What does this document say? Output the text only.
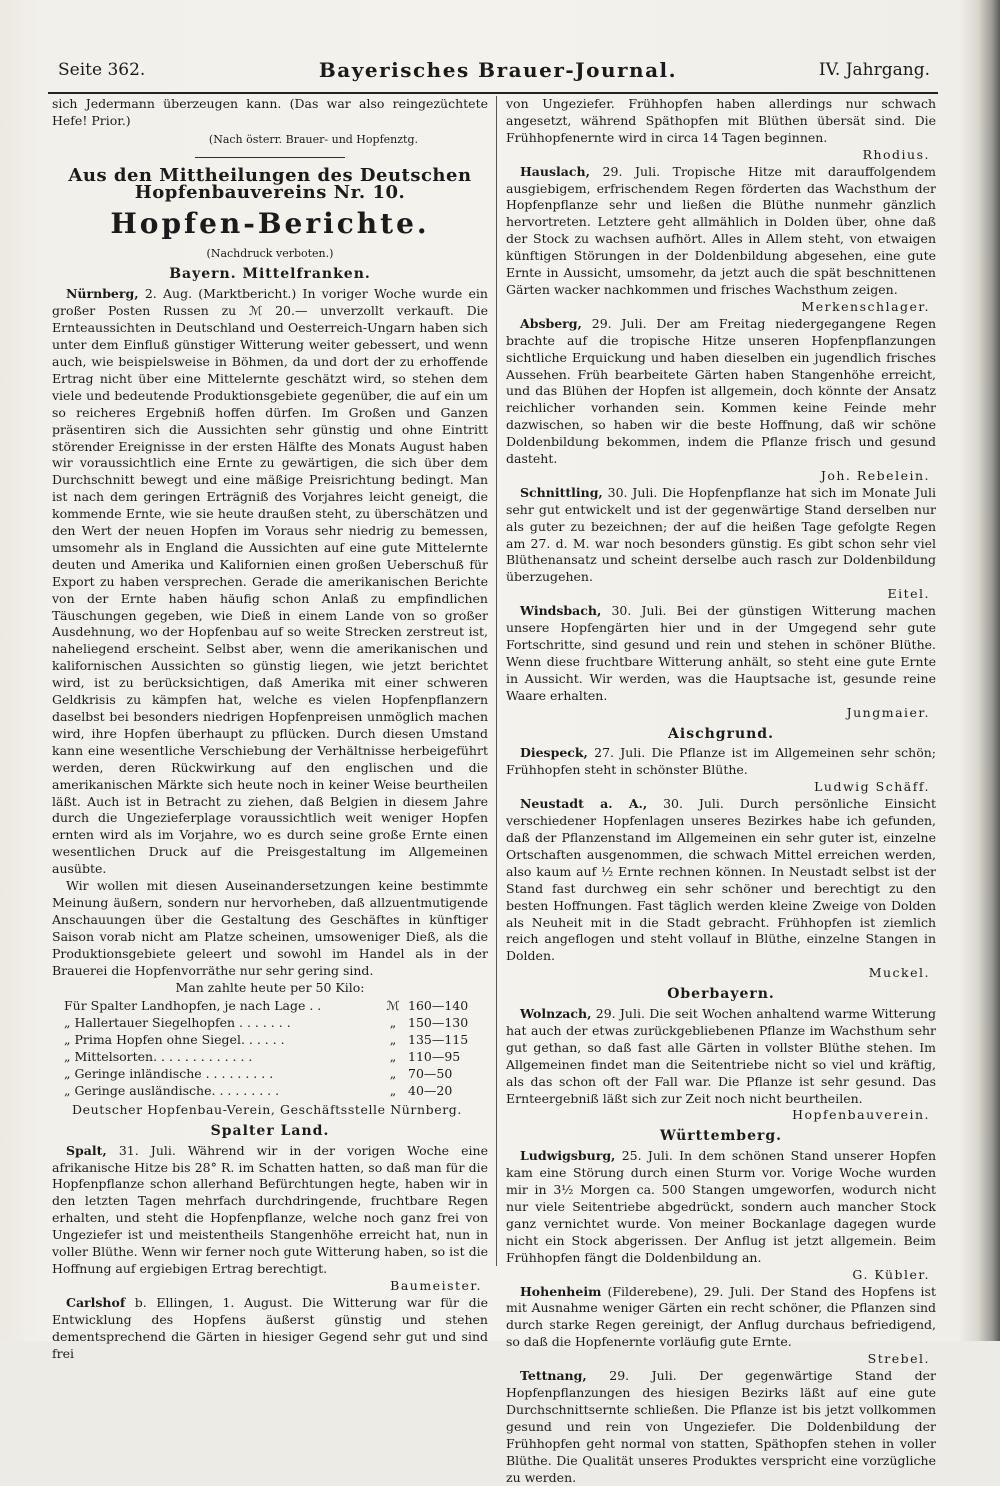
Seite 362.	Bayerisches Brauer-Journal.	IV. Jahrgang.

sich Jedermann überzeugen kann. (Das war also reingezüchtete Hefe! Prior.)

(Nach österr. Brauer- und Hopfenztg.
Aus den Mittheilungen des Deutschen Hopfenbauvereins Nr. 10.
Hopfen-Berichte.
(Nachdruck verboten.)
Bayern. Mittelfranken.

Nürnberg, 2. Aug. (Marktbericht.) In voriger Woche wurde ein großer Posten Russen zu ℳ 20.— unverzollt verkauft. Die Ernteaussichten in Deutschland und Oesterreich-Ungarn haben sich unter dem Einfluß günstiger Witterung weiter gebessert, und wenn auch, wie beispielsweise in Böhmen, da und dort der zu erhoffende Ertrag nicht über eine Mittelernte geschätzt wird, so stehen dem viele und bedeutende Produktionsgebiete gegenüber, die auf ein um so reicheres Ergebniß hoffen dürfen. Im Großen und Ganzen präsentiren sich die Aussichten sehr günstig und ohne Eintritt störender Ereignisse in der ersten Hälfte des Monats August haben wir voraussichtlich eine Ernte zu gewärtigen, die sich über dem Durchschnitt bewegt und eine mäßige Preisrichtung bedingt. Man ist nach dem geringen Erträgniß des Vorjahres leicht geneigt, die kommende Ernte, wie sie heute draußen steht, zu überschätzen und den Wert der neuen Hopfen im Voraus sehr niedrig zu bemessen, umsomehr als in England die Aussichten auf eine gute Mittelernte deuten und Amerika und Kalifornien einen großen Ueberschuß für Export zu haben versprechen. Gerade die amerikanischen Berichte von der Ernte haben häufig schon Anlaß zu empfindlichen Täuschungen gegeben, wie Dieß in einem Lande von so großer Ausdehnung, wo der Hopfenbau auf so weite Strecken zerstreut ist, naheliegend erscheint. Selbst aber, wenn die amerikanischen und kalifornischen Aussichten so günstig liegen, wie jetzt berichtet wird, ist zu berücksichtigen, daß Amerika mit einer schweren Geldkrisis zu kämpfen hat, welche es vielen Hopfenpflanzern daselbst bei besonders niedrigen Hopfenpreisen unmöglich machen wird, ihre Hopfen überhaupt zu pflücken. Durch diesen Umstand kann eine wesentliche Verschiebung der Verhältnisse herbeigeführt werden, deren Rückwirkung auf den englischen und die amerikanischen Märkte sich heute noch in keiner Weise beurtheilen läßt. Auch ist in Betracht zu ziehen, daß Belgien in diesem Jahre durch die Ungezieferplage voraussichtlich weit weniger Hopfen ernten wird als im Vorjahre, wo es durch seine große Ernte einen wesentlichen Druck auf die Preisgestaltung im Allgemeinen ausübte.

Wir wollen mit diesen Auseinandersetzungen keine bestimmte Meinung äußern, sondern nur hervorheben, daß allzuentmutigende Anschauungen über die Gestaltung des Geschäftes in künftiger Saison vorab nicht am Platze scheinen, umsoweniger Dieß, als die Produktionsgebiete geleert und sowohl im Handel als in der Brauerei die Hopfenvorräthe nur sehr gering sind.

Man zahlte heute per 50 Kilo:
Für Spalter Landhopfen, je nach Lage . .	ℳ	160—140
„ Hallertauer Siegelhopfen . . . . . . .	„	150—130
„ Prima Hopfen ohne Siegel. . . . . .	„	135—115
„ Mittelsorten. . . . . . . . . . . . .	„	110—95
„ Geringe inländische . . . . . . . . .	„	70—50
„ Geringe ausländische. . . . . . . . .	„	40—20
Deutscher Hopfenbau-Verein, Geschäftsstelle Nürnberg.
Spalter Land.

Spalt, 31. Juli. Während wir in der vorigen Woche eine afrikanische Hitze bis 28° R. im Schatten hatten, so daß man für die Hopfenpflanze schon allerhand Befürchtungen hegte, haben wir in den letzten Tagen mehrfach durchdringende, fruchtbare Regen erhalten, und steht die Hopfenpflanze, welche noch ganz frei von Ungeziefer ist und meistentheils Stangenhöhe erreicht hat, nun in voller Blüthe. Wenn wir ferner noch gute Witterung haben, so ist die Hoffnung auf ergiebigen Ertrag berechtigt.

Baumeister.

Carlshof b. Ellingen, 1. August. Die Witterung war für die Entwicklung des Hopfens äußerst günstig und stehen dementsprechend die Gärten in hiesiger Gegend sehr gut und sind frei

von Ungeziefer. Frühhopfen haben allerdings nur schwach angesetzt, während Späthopfen mit Blüthen übersät sind. Die Frühhopfenernte wird in circa 14 Tagen beginnen.

Rhodius.

Hauslach, 29. Juli. Tropische Hitze mit darauffolgendem ausgiebigem, erfrischendem Regen förderten das Wachsthum der Hopfenpflanze sehr und ließen die Blüthe nunmehr gänzlich hervortreten. Letztere geht allmählich in Dolden über, ohne daß der Stock zu wachsen aufhört. Alles in Allem steht, von etwaigen künftigen Störungen in der Doldenbildung abgesehen, eine gute Ernte in Aussicht, umsomehr, da jetzt auch die spät beschnittenen Gärten wacker nachkommen und frisches Wachsthum zeigen.

Merkenschlager.

Absberg, 29. Juli. Der am Freitag niedergegangene Regen brachte auf die tropische Hitze unseren Hopfenpflanzungen sichtliche Erquickung und haben dieselben ein jugendlich frisches Aussehen. Früh bearbeitete Gärten haben Stangenhöhe erreicht, und das Blühen der Hopfen ist allgemein, doch könnte der Ansatz reichlicher vorhanden sein. Kommen keine Feinde mehr dazwischen, so haben wir die beste Hoffnung, daß wir schöne Doldenbildung bekommen, indem die Pflanze frisch und gesund dasteht.

Joh. Rebelein.

Schnittling, 30. Juli. Die Hopfenpflanze hat sich im Monate Juli sehr gut entwickelt und ist der gegenwärtige Stand derselben nur als guter zu bezeichnen; der auf die heißen Tage gefolgte Regen am 27. d. M. war noch besonders günstig. Es gibt schon sehr viel Blüthenansatz und scheint derselbe auch rasch zur Doldenbildung überzugehen.

Eitel.

Windsbach, 30. Juli. Bei der günstigen Witterung machen unsere Hopfengärten hier und in der Umgegend sehr gute Fortschritte, sind gesund und rein und stehen in schöner Blüthe. Wenn diese fruchtbare Witterung anhält, so steht eine gute Ernte in Aussicht. Wir werden, was die Hauptsache ist, gesunde reine Waare erhalten.

Jungmaier.
Aischgrund.

Diespeck, 27. Juli. Die Pflanze ist im Allgemeinen sehr schön; Frühhopfen steht in schönster Blüthe.

Ludwig Schäff.

Neustadt a. A., 30. Juli. Durch persönliche Einsicht verschiedener Hopfenlagen unseres Bezirkes habe ich gefunden, daß der Pflanzenstand im Allgemeinen ein sehr guter ist, einzelne Ortschaften ausgenommen, die schwach Mittel erreichen werden, also kaum auf ½ Ernte rechnen können. In Neustadt selbst ist der Stand fast durchweg ein sehr schöner und berechtigt zu den besten Hoffnungen. Fast täglich werden kleine Zweige von Dolden als Neuheit mit in die Stadt gebracht. Frühhopfen ist ziemlich reich angeflogen und steht vollauf in Blüthe, einzelne Stangen in Dolden.

Muckel.
Oberbayern.

Wolnzach, 29. Juli. Die seit Wochen anhaltend warme Witterung hat auch der etwas zurückgebliebenen Pflanze im Wachsthum sehr gut gethan, so daß fast alle Gärten in vollster Blüthe stehen. Im Allgemeinen findet man die Seitentriebe nicht so viel und kräftig, als das schon oft der Fall war. Die Pflanze ist sehr gesund. Das Ernteergebniß läßt sich zur Zeit noch nicht beurtheilen.

Hopfenbauverein.
Württemberg.

Ludwigsburg, 25. Juli. In dem schönen Stand unserer Hopfen kam eine Störung durch einen Sturm vor. Vorige Woche wurden mir in 3½ Morgen ca. 500 Stangen umgeworfen, wodurch nicht nur viele Seitentriebe abgedrückt, sondern auch mancher Stock ganz vernichtet wurde. Von meiner Bockanlage dagegen wurde nicht ein Stock abgerissen. Der Anflug ist jetzt allgemein. Beim Frühhopfen fängt die Doldenbildung an.

G. Kübler.

Hohenheim (Filderebene), 29. Juli. Der Stand des Hopfens ist mit Ausnahme weniger Gärten ein recht schöner, die Pflanzen sind durch starke Regen gereinigt, der Anflug durchaus befriedigend, so daß die Hopfenernte vorläufig gute Ernte.

Strebel.

Tettnang, 29. Juli. Der gegenwärtige Stand der Hopfenpflanzungen des hiesigen Bezirks läßt auf eine gute Durchschnittsernte schließen. Die Pflanze ist bis jetzt vollkommen gesund und rein von Ungeziefer. Die Doldenbildung der Frühhopfen geht normal von statten, Späthopfen stehen in voller Blüthe. Die Qualität unseres Produktes verspricht eine vorzügliche zu werden.
